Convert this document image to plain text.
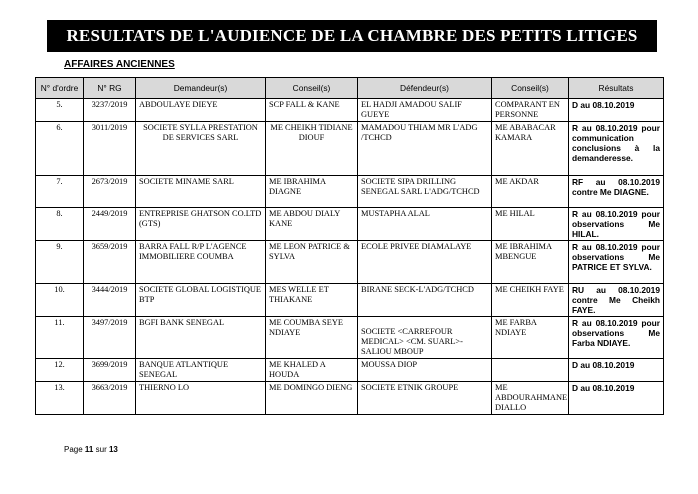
RESULTATS DE L'AUDIENCE DE LA CHAMBRE DES PETITS LITIGES
AFFAIRES ANCIENNES
N° d'ordre	N° RG	Demandeur(s)	Conseil(s)	Défendeur(s)	Conseil(s)	Résultats
5.	3237/2019	ABDOULAYE DIEYE	SCP FALL & KANE	EL HADJI AMADOU SALIF GUEYE	COMPARANT EN PERSONNE	D au 08.10.2019
6.	3011/2019	SOCIETE SYLLA PRESTATION DE SERVICES SARL	ME CHEIKH TIDIANE DIOUF	MAMADOU THIAM MR L'ADG /TCHCD	ME ABABACAR KAMARA	R au 08.10.2019 pour communication conclusions à la demanderesse.
7.	2673/2019	SOCIETE MINAME SARL	ME IBRAHIMA DIAGNE	SOCIETE SIPA DRILLING SENEGAL SARL L'ADG/TCHCD	ME AKDAR	RF au 08.10.2019 contre Me DIAGNE.
8.	2449/2019	ENTREPRISE GHATSON CO.LTD (GTS)	ME ABDOU DIALY KANE	MUSTAPHA ALAL	ME HILAL	R au 08.10.2019 pour observations Me HILAL.
9.	3659/2019	BARRA FALL R/P L'AGENCE IMMOBILIERE COUMBA	ME LEON PATRICE & SYLVA	ECOLE PRIVEE DIAMALAYE	ME IBRAHIMA MBENGUE	R au 08.10.2019 pour observations Me PATRICE ET SYLVA.
10.	3444/2019	SOCIETE GLOBAL LOGISTIQUE BTP	MES WELLE ET THIAKANE	BIRANE SECK-L'ADG/TCHCD	ME CHEIKH FAYE	RU au 08.10.2019 contre Me Cheikh FAYE.
11.	3497/2019	BGFI BANK SENEGAL	ME COUMBA SEYE NDIAYE	SOCIETE <CARREFOUR MEDICAL> <CM. SUARL>-SALIOU MBOUP	ME FARBA NDIAYE	R au 08.10.2019 pour observations Me Farba NDIAYE.
12.	3699/2019	BANQUE ATLANTIQUE SENEGAL	ME KHALED A HOUDA	MOUSSA DIOP		D au 08.10.2019
13.	3663/2019	THIERNO LO	ME DOMINGO DIENG	SOCIETE ETNIK GROUPE	ME ABDOURAHMANE DIALLO	D au 08.10.2019
Page 11 sur 13
